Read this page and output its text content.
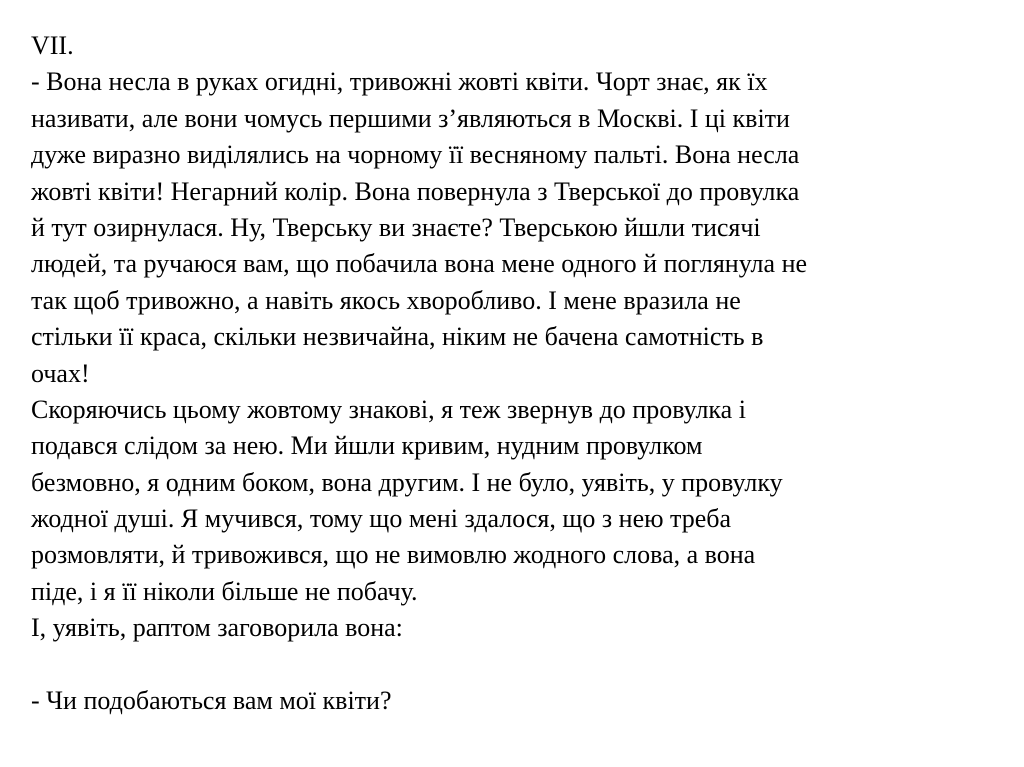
VII.
- Вона несла в руках огидні, тривожні жовті квіти. Чорт знає, як їх
називати, але вони чомусь першими з’являються в Москві. І ці квіти
дуже виразно виділялись на чорному її весняному пальті. Вона несла
жовті квіти! Негарний колір. Вона повернула з Тверської до провулка
й тут озирнулася. Ну, Тверську ви знаєте? Тверською йшли тисячі
людей, та ручаюся вам, що побачила вона мене одного й поглянула не
так щоб тривожно, а навіть якось хворобливо. І мене вразила не
стільки її краса, скільки незвичайна, ніким не бачена самотність в
очах!
Скоряючись цьому жовтому знакові, я теж звернув до провулка і
подався слідом за нею. Ми йшли кривим, нудним провулком
безмовно, я одним боком, вона другим. І не було, уявіть, у провулку
жодної душі. Я мучився, тому що мені здалося, що з нею треба
розмовляти, й тривожився, що не вимовлю жодного слова, а вона
піде, і я її ніколи більше не побачу.
І, уявіть, раптом заговорила вона:
- Чи подобаються вам мої квіти?
